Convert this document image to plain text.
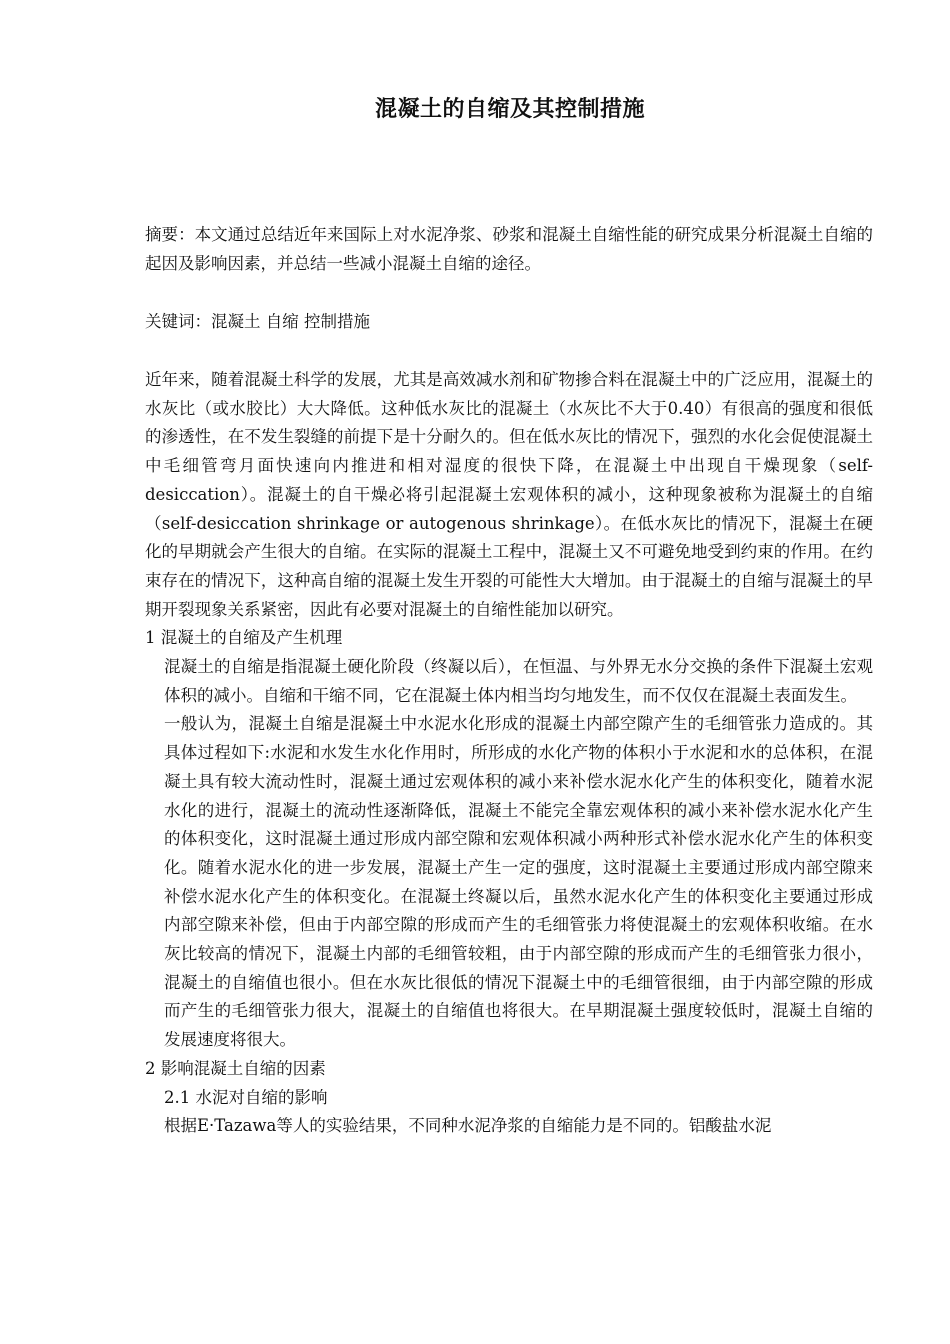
混凝土的自缩及其控制措施

摘要：本文通过总结近年来国际上对水泥净浆、砂浆和混凝土自缩性能的研究成果分析混凝土自缩的起因及影响因素，并总结一些减小混凝土自缩的途径。

关键词：混凝土 自缩 控制措施

近年来，随着混凝土科学的发展，尤其是高效减水剂和矿物掺合料在混凝土中的广泛应用，混凝土的水灰比（或水胶比）大大降低。这种低水灰比的混凝土（水灰比不大于0.40）有很高的强度和很低的渗透性，在不发生裂缝的前提下是十分耐久的。但在低水灰比的情况下，强烈的水化会促使混凝土中毛细管弯月面快速向内推进和相对湿度的很快下降，在混凝土中出现自干燥现象（self-desiccation）。混凝土的自干燥必将引起混凝土宏观体积的减小，这种现象被称为混凝土的自缩（self-desiccation shrinkage or autogenous shrinkage）。在低水灰比的情况下，混凝土在硬化的早期就会产生很大的自缩。在实际的混凝土工程中，混凝土又不可避免地受到约束的作用。在约束存在的情况下，这种高自缩的混凝土发生开裂的可能性大大增加。由于混凝土的自缩与混凝土的早期开裂现象关系紧密，因此有必要对混凝土的自缩性能加以研究。

1 混凝土的自缩及产生机理

混凝土的自缩是指混凝土硬化阶段（终凝以后），在恒温、与外界无水分交换的条件下混凝土宏观体积的减小。自缩和干缩不同，它在混凝土体内相当均匀地发生，而不仅仅在混凝土表面发生。

一般认为，混凝土自缩是混凝土中水泥水化形成的混凝土内部空隙产生的毛细管张力造成的。其具体过程如下:水泥和水发生水化作用时，所形成的水化产物的体积小于水泥和水的总体积，在混凝土具有较大流动性时，混凝土通过宏观体积的减小来补偿水泥水化产生的体积变化，随着水泥水化的进行，混凝土的流动性逐渐降低，混凝土不能完全靠宏观体积的减小来补偿水泥水化产生的体积变化，这时混凝土通过形成内部空隙和宏观体积减小两种形式补偿水泥水化产生的体积变化。随着水泥水化的进一步发展，混凝土产生一定的强度，这时混凝土主要通过形成内部空隙来补偿水泥水化产生的体积变化。在混凝土终凝以后，虽然水泥水化产生的体积变化主要通过形成内部空隙来补偿，但由于内部空隙的形成而产生的毛细管张力将使混凝土的宏观体积收缩。在水灰比较高的情况下，混凝土内部的毛细管较粗，由于内部空隙的形成而产生的毛细管张力很小，混凝土的自缩值也很小。但在水灰比很低的情况下混凝土中的毛细管很细，由于内部空隙的形成而产生的毛细管张力很大，混凝土的自缩值也将很大。在早期混凝土强度较低时，混凝土自缩的发展速度将很大。

2 影响混凝土自缩的因素

2.1 水泥对自缩的影响

根据E·Tazawa等人的实验结果，不同种水泥净浆的自缩能力是不同的。铝酸盐水泥
